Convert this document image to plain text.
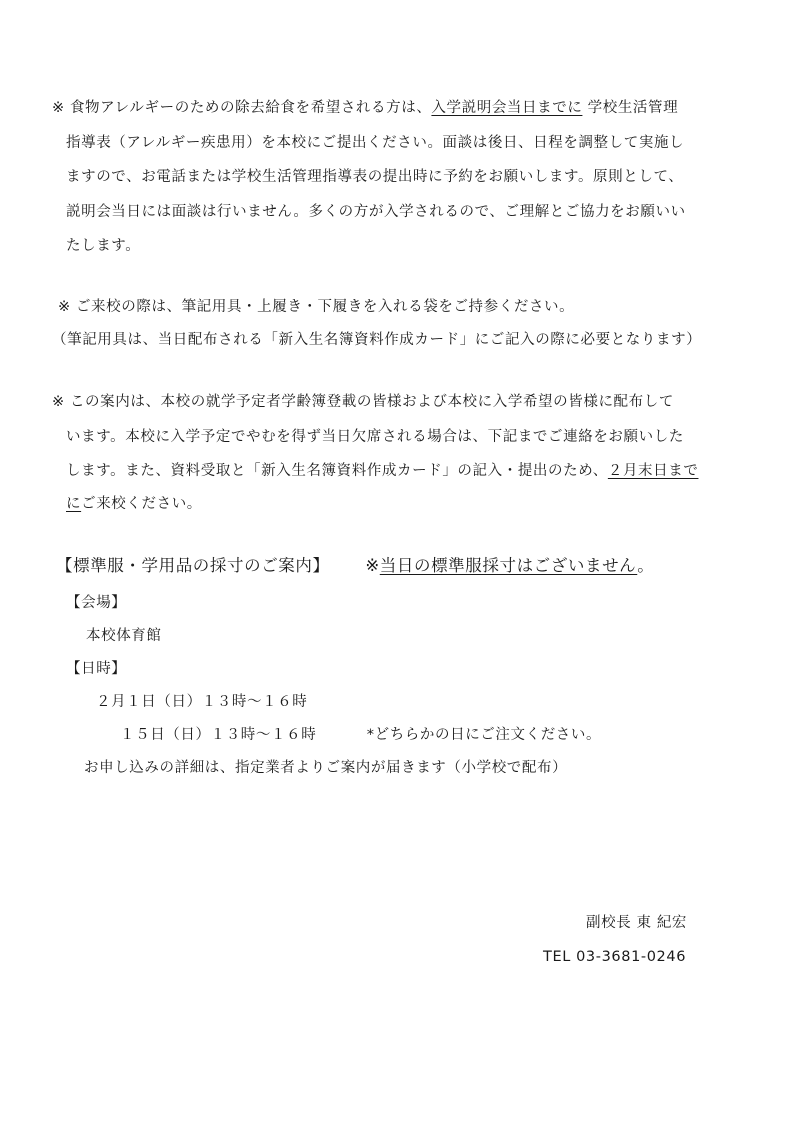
※ 食物アレルギーのための除去給食を希望される方は、入学説明会当日までに 学校生活管理
指導表（アレルギー疾患用）を本校にご提出ください。面談は後日、日程を調整して実施し
ますので、お電話または学校生活管理指導表の提出時に予約をお願いします。原則として、
説明会当日には面談は行いません。多くの方が入学されるので、ご理解とご協力をお願いい
たします。
※ ご来校の際は、筆記用具・上履き・下履きを入れる袋をご持参ください。
（筆記用具は、当日配布される「新入生名簿資料作成カード」にご記入の際に必要となります）
※ この案内は、本校の就学予定者学齢簿登載の皆様および本校に入学希望の皆様に配布して
います。本校に入学予定でやむを得ず当日欠席される場合は、下記までご連絡をお願いした
します。また、資料受取と「新入生名簿資料作成カード」の記入・提出のため、２月末日まで
にご来校ください。
【標準服・学用品の採寸のご案内】 ※当日の標準服採寸はございません。
【会場】
本校体育館
【日時】
２月１日（日）１３時～１６時
１５日（日）１３時～１６時	*どちらかの日にご注文ください。
お申し込みの詳細は、指定業者よりご案内が届きます（小学校で配布）
副校長 東 紀宏
TEL 03-3681-0246
